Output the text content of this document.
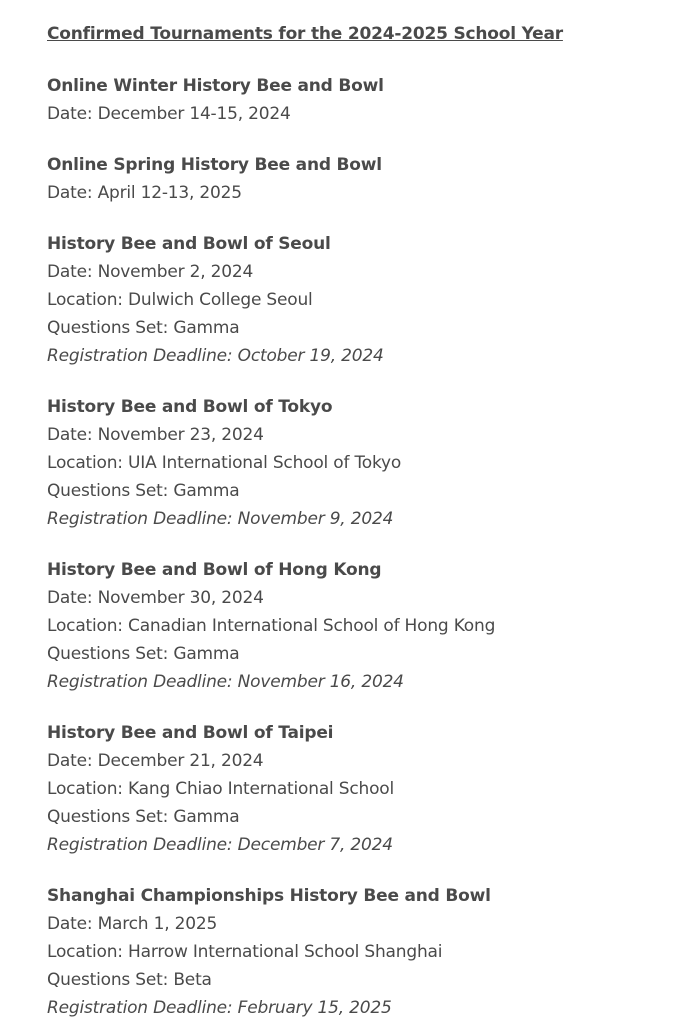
Confirmed Tournaments for the 2024-2025 School Year
Online Winter History Bee and Bowl
Date: December 14-15, 2024
Online Spring History Bee and Bowl
Date: April 12-13, 2025
History Bee and Bowl of Seoul
Date: November 2, 2024
Location: Dulwich College Seoul
Questions Set: Gamma
Registration Deadline: October 19, 2024
History Bee and Bowl of Tokyo
Date: November 23, 2024
Location: UIA International School of Tokyo
Questions Set: Gamma
Registration Deadline: November 9, 2024
History Bee and Bowl of Hong Kong
Date: November 30, 2024
Location: Canadian International School of Hong Kong
Questions Set: Gamma
Registration Deadline: November 16, 2024
History Bee and Bowl of Taipei
Date: December 21, 2024
Location: Kang Chiao International School
Questions Set: Gamma
Registration Deadline: December 7, 2024
Shanghai Championships History Bee and Bowl
Date: March 1, 2025
Location: Harrow International School Shanghai
Questions Set: Beta
Registration Deadline: February 15, 2025
